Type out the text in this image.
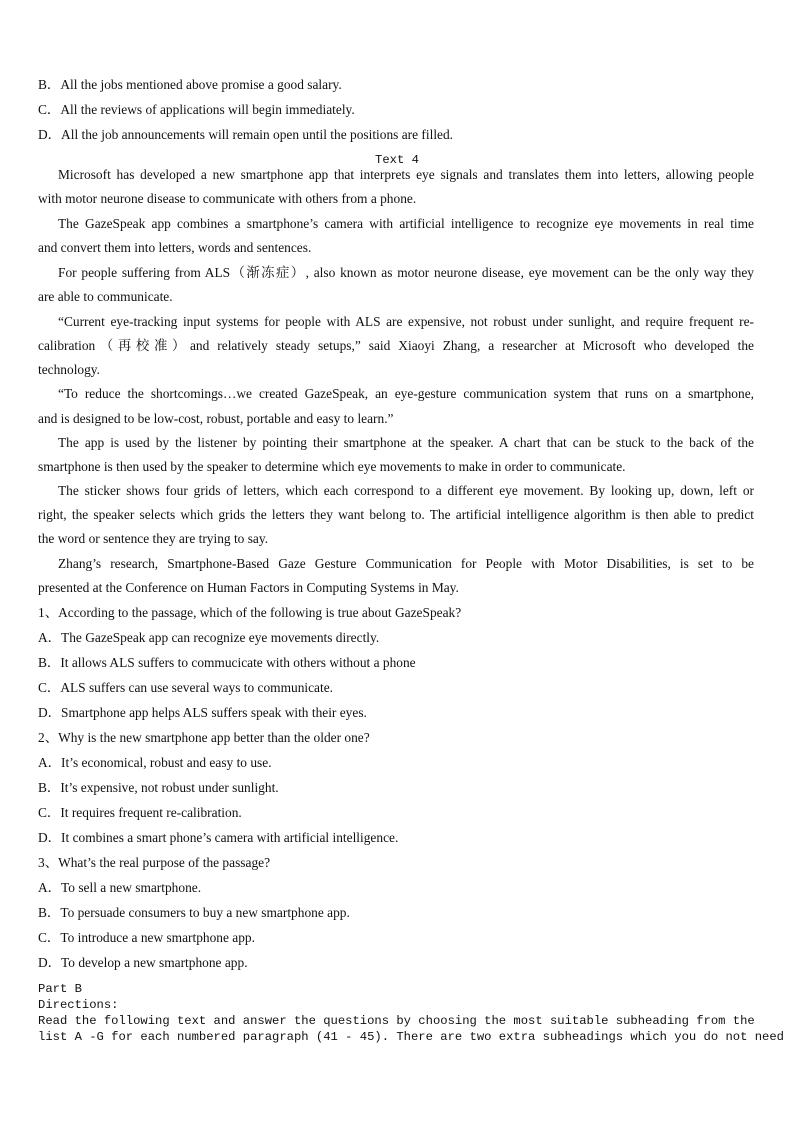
B．All the jobs mentioned above promise a good salary.
C．All the reviews of applications will begin immediately.
D．All the job announcements will remain open until the positions are filled.
Text 4
Microsoft has developed a new smartphone app that interprets eye signals and translates them into letters, allowing people
with motor neurone disease to communicate with others from a phone.
The GazeSpeak app combines a smartphone’s camera with artificial intelligence to recognize eye movements in real time
and convert them into letters, words and sentences.
For people suffering from ALS（渐冻症）, also known as motor neurone disease, eye movement can be the only way they
are able to communicate.
“Current eye-tracking input systems for people with ALS are expensive, not robust under sunlight, and require frequent re-
calibration（再校准）and relatively steady setups,” said Xiaoyi Zhang, a researcher at Microsoft who developed the
technology.
“To reduce the shortcomings…we created GazeSpeak, an eye-gesture communication system that runs on a smartphone,
and is designed to be low-cost, robust, portable and easy to learn.”
The app is used by the listener by pointing their smartphone at the speaker. A chart that can be stuck to the back of the
smartphone is then used by the speaker to determine which eye movements to make in order to communicate.
The sticker shows four grids of letters, which each correspond to a different eye movement. By looking up, down, left or
right, the speaker selects which grids the letters they want belong to. The artificial intelligence algorithm is then able to predict
the word or sentence they are trying to say.
Zhang’s research, Smartphone-Based Gaze Gesture Communication for People with Motor Disabilities, is set to be
presented at the Conference on Human Factors in Computing Systems in May.
1、According to the passage, which of the following is true about GazeSpeak?
A．The GazeSpeak app can recognize eye movements directly.
B．It allows ALS suffers to commucicate with others without a phone
C．ALS suffers can use several ways to communicate.
D．Smartphone app helps ALS suffers speak with their eyes.
2、Why is the new smartphone app better than the older one?
A．It’s economical, robust and easy to use.
B．It’s expensive, not robust under sunlight.
C．It requires frequent re-calibration.
D．It combines a smart phone’s camera with artificial intelligence.
3、What’s the real purpose of the passage?
A．To sell a new smartphone.
B．To persuade consumers to buy a new smartphone app.
C．To introduce a new smartphone app.
D．To develop a new smartphone app.
Part B
Directions:
Read the following text and answer the questions by choosing the most suitable subheading from the
list A -G for each numbered paragraph (41 - 45). There are two extra subheadings which you do not need
